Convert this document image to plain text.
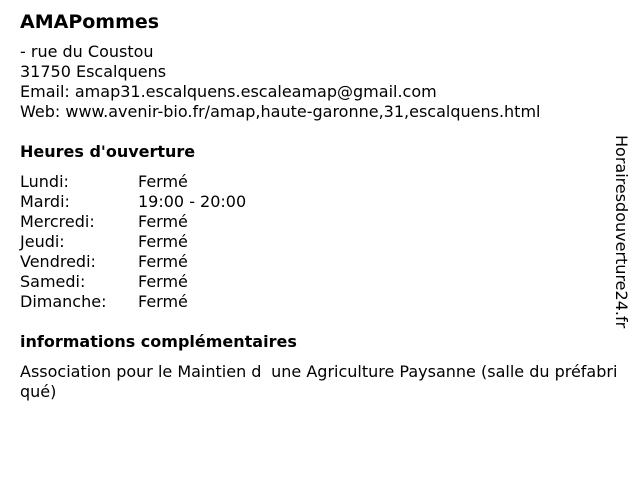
AMAPommes
- rue du Coustou
31750 Escalquens
Email: amap31.escalquens.escaleamap@gmail.com
Web: www.avenir-bio.fr/amap,haute-garonne,31,escalquens.html
Heures d'ouverture
Lundi:	Fermé
Mardi:	19:00 - 20:00
Mercredi:	Fermé
Jeudi:	Fermé
Vendredi:	Fermé
Samedi:	Fermé
Dimanche:	Fermé
informations complémentaires
Association pour le Maintien dune Agriculture Paysanne (salle du préfabriqué)
Horairesdouverture24.fr
